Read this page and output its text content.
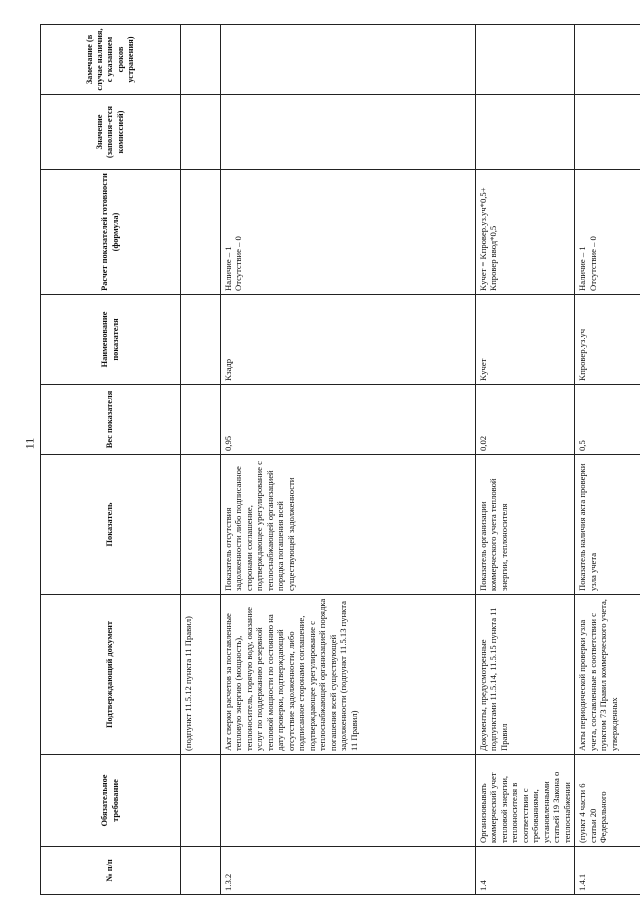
11
№ п/п	Обязательное требование	Подтверждающий документ	Показатель	Вес показателя	Наименование показателя	Расчет показателей готовности (формула)	Значение (заполня-ется комиссией)	Замечание (в случае наличия, с указанием сроков устранения)
		(подпункт 11.5.12 пункта 11 Правил)						
1.3.2		Акт сверки расчетов за поставленные тепловую энергию (мощность), теплоноситель, горячую воду, оказание услуг по поддержанию резервной тепловой мощности по состоянию на дату проверки, подтверждающий отсутствие задолженности, либо подписанное сторонами соглашение, подтверждающее урегулирование с теплоснабжающей организацией порядка погашения всей существующей задолженности (подпункт 11.5.13 пункта 11 Правил)	Показатель отсутствия задолженности либо подписанное сторонами соглашение, подтверждающее урегулирование с теплоснабжающей организацией порядка погашения всей существующей задолженности	0,95	Kзадр	Наличие – 1
Отсутствие – 0		
1.4	Организовывать коммерческий учет тепловой энергии, теплоносителя в соответствии с требованиями, установленными статьей 19 Закона о теплоснабжении	Документы, предусмотренные подпунктами 11.5.14, 11.5.15 пункта 11 Правил	Показатель организации коммерческого учета тепловой энергии, теплоносителя	0,02	Kучет	Kучет = Kпровер.уз.уч*0,5+ Kпровер ввод*0,5		
1.4.1	(пункт 4 части 6 статьи 20 Федерального	Акты периодической проверки узла учета, составленные в соответствии с пунктом 73 Правил коммерческого учета, утвержденных	Показатель наличия акта проверки узла учета	0,5	Kпровер.уз.уч	Наличие – 1
Отсутствие – 0		
